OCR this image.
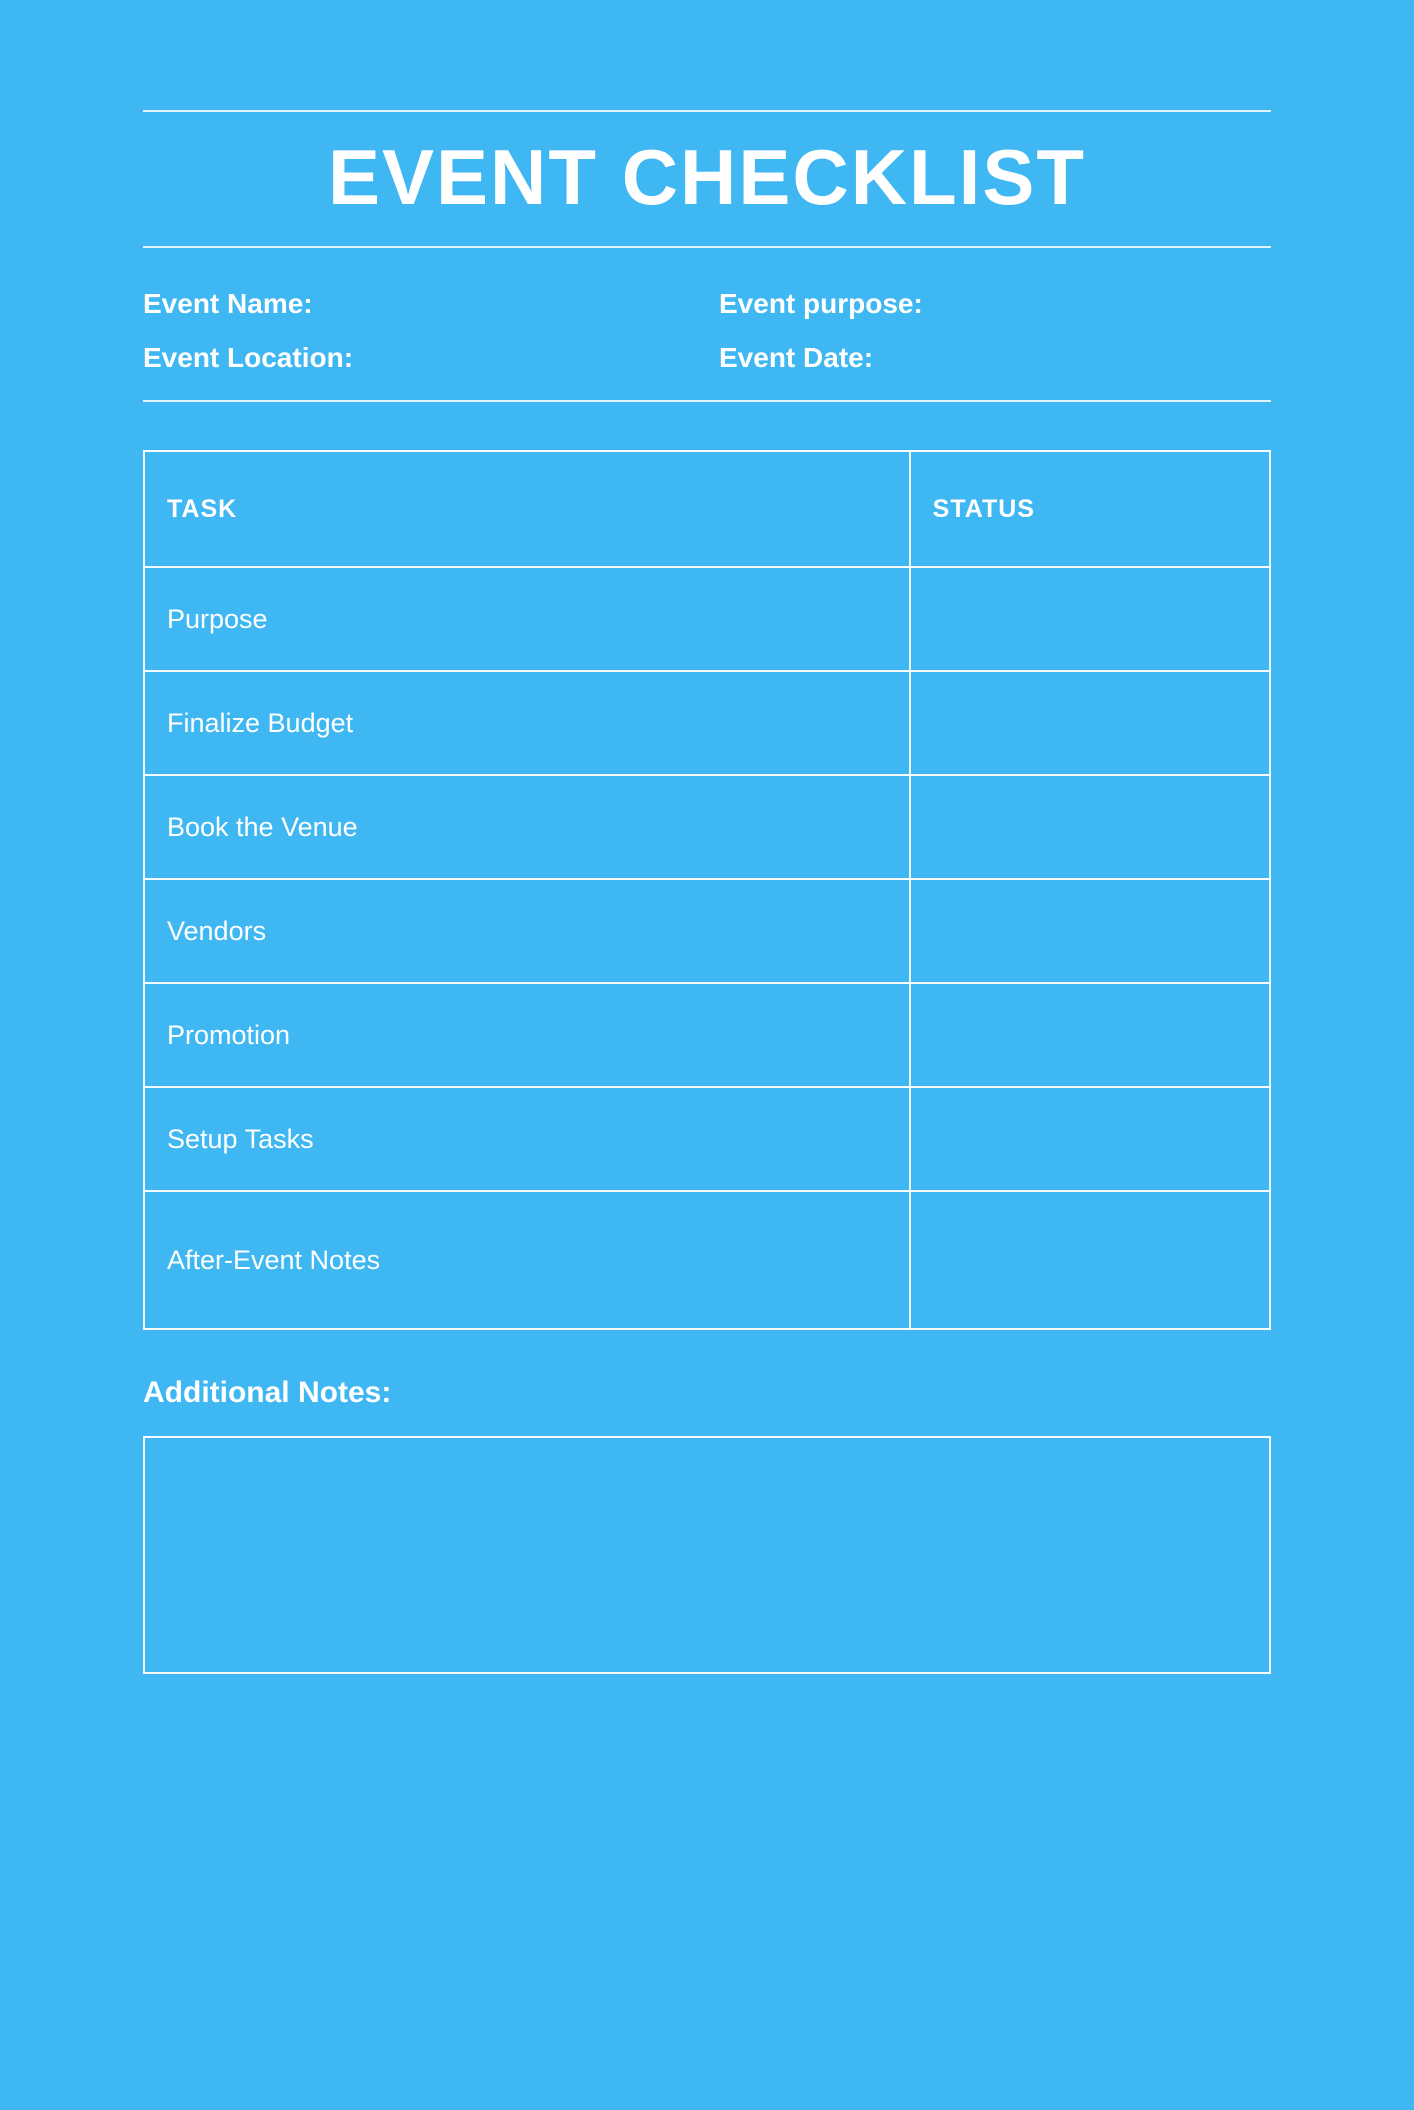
EVENT CHECKLIST
Event Name:
Event Location:
Event purpose:
Event Date:
TASK	STATUS
Purpose	
Finalize Budget	
Book the Venue	
Vendors	
Promotion	
Setup Tasks	
After-Event Notes	
Additional Notes:
